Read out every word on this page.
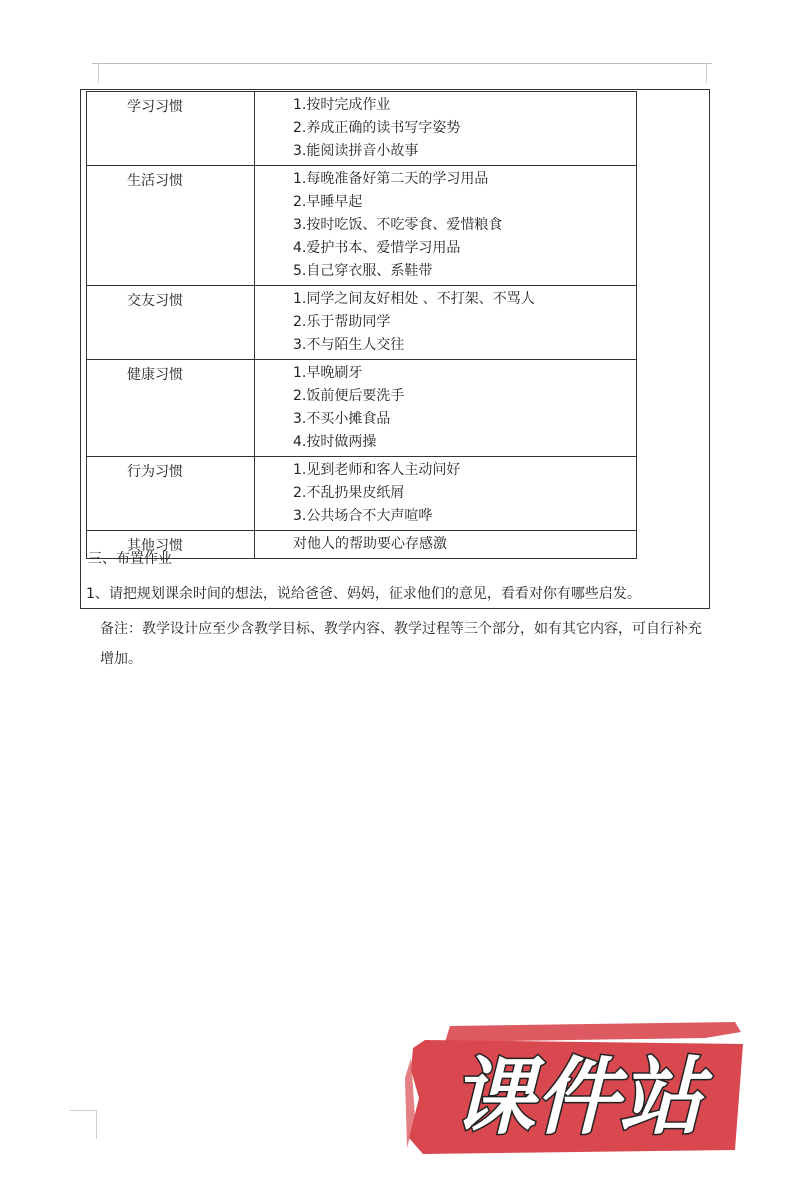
学习习惯	1.按时完成作业
2.养成正确的读书写字姿势
3.能阅读拼音小故事

生活习惯	1.每晚准备好第二天的学习用品
2.早睡早起
3.按时吃饭、不吃零食、爱惜粮食
4.爱护书本、爱惜学习用品
5.自己穿衣服、系鞋带

交友习惯	1.同学之间友好相处 、不打架、不骂人
2.乐于帮助同学
3.不与陌生人交往

健康习惯	1.早晚刷牙
2.饭前便后要洗手
3.不买小摊食品
4.按时做两操

行为习惯	1.见到老师和客人主动问好
2.不乱扔果皮纸屑
3.公共场合不大声喧哗

其他习惯	对他人的帮助要心存感激
三、布置作业
1、请把规划课余时间的想法，说给爸爸、妈妈，征求他们的意见，看看对你有哪些启发。
备注：教学设计应至少含教学目标、教学内容、教学过程等三个部分，如有其它内容，可自行补充增加。
课件站
